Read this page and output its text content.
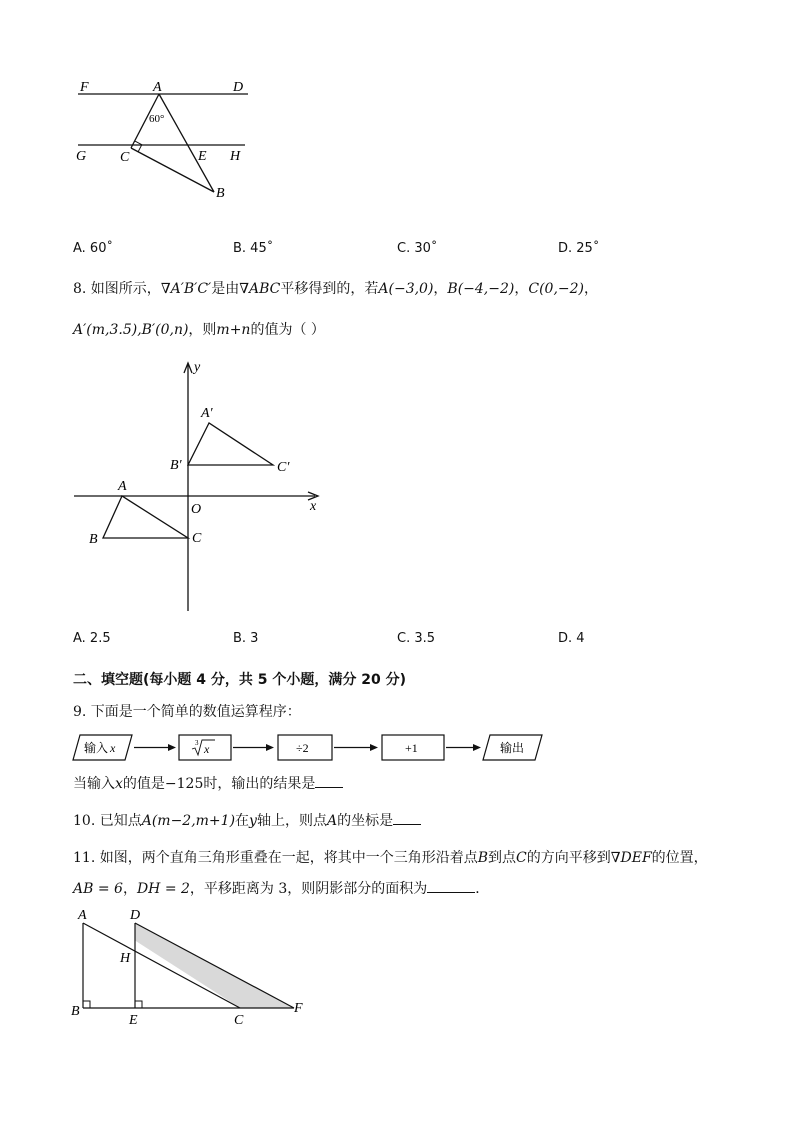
F	A	D
G C	E H
B
60°
A. 60˚	B. 45˚	C. 30˚	D. 25˚
8. 如图所示，∇A′B′C′是由∇ABC平移得到的，若A(−3,0)，B(−4,−2)，C(0,−2)，
A′(m,3.5),B′(0,n)，则m+n的值为（ ）
y
x
O
A
B	C
A′
B′	C′
A. 2.5	B. 3	C. 3.5	D. 4
二、填空题(每小题 4 分，共 5 个小题，满分 20 分)
9. 下面是一个简单的数值运算程序：
输入 x	3 x	÷2	+1	输出
当输入x的值是−125时，输出的结果是
10. 已知点A(m−2,m+1)在y轴上，则点A的坐标是
11. 如图，两个直角三角形重叠在一起，将其中一个三角形沿着点B到点C的方向平移到∇DEF的位置，
AB = 6，DH = 2，平移距离为 3，则阴影部分的面积为	．
A	D
H
B
E	C
F
